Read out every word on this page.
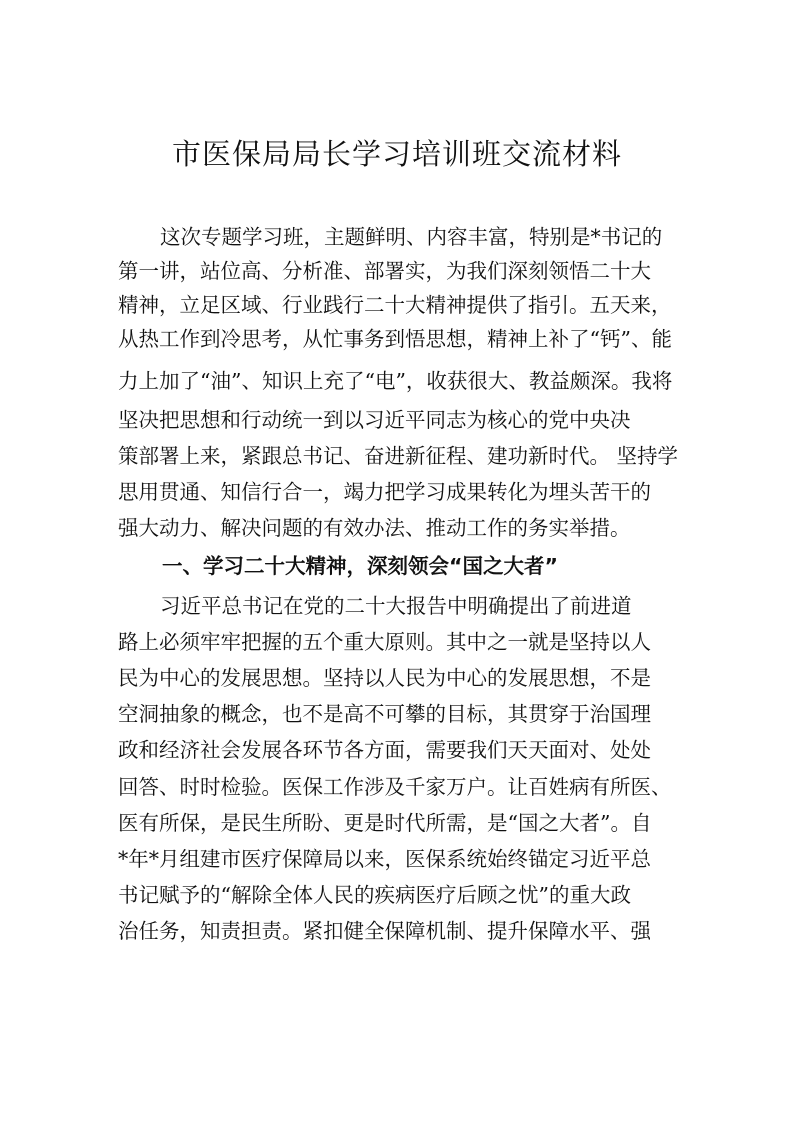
市医保局局长学习培训班交流材料
这次专题学习班，主题鲜明、内容丰富，特别是*书记的
第一讲，站位高、分析准、部署实，为我们深刻领悟二十大
精神，立足区域、行业践行二十大精神提供了指引。五天来，
从热工作到冷思考，从忙事务到悟思想，精神上补了“钙”、能
力上加了“油”、知识上充了“电”，收获很大、教益颇深。我将
坚决把思想和行动统一到以习近平同志为核心的党中央决
策部署上来，紧跟总书记、奋进新征程、建功新时代。 坚持学
思用贯通、知信行合一，竭力把学习成果转化为埋头苦干的
强大动力、解决问题的有效办法、推动工作的务实举措。
一、学习二十大精神，深刻领会“国之大者”
习近平总书记在党的二十大报告中明确提出了前进道
路上必须牢牢把握的五个重大原则。其中之一就是坚持以人
民为中心的发展思想。坚持以人民为中心的发展思想，不是
空洞抽象的概念，也不是高不可攀的目标，其贯穿于治国理
政和经济社会发展各环节各方面，需要我们天天面对、处处
回答、时时检验。医保工作涉及千家万户。让百姓病有所医、
医有所保，是民生所盼、更是时代所需，是“国之大者”。自
*年*月组建市医疗保障局以来，医保系统始终锚定习近平总
书记赋予的“解除全体人民的疾病医疗后顾之忧”的重大政
治任务，知责担责。紧扣健全保障机制、提升保障水平、强
